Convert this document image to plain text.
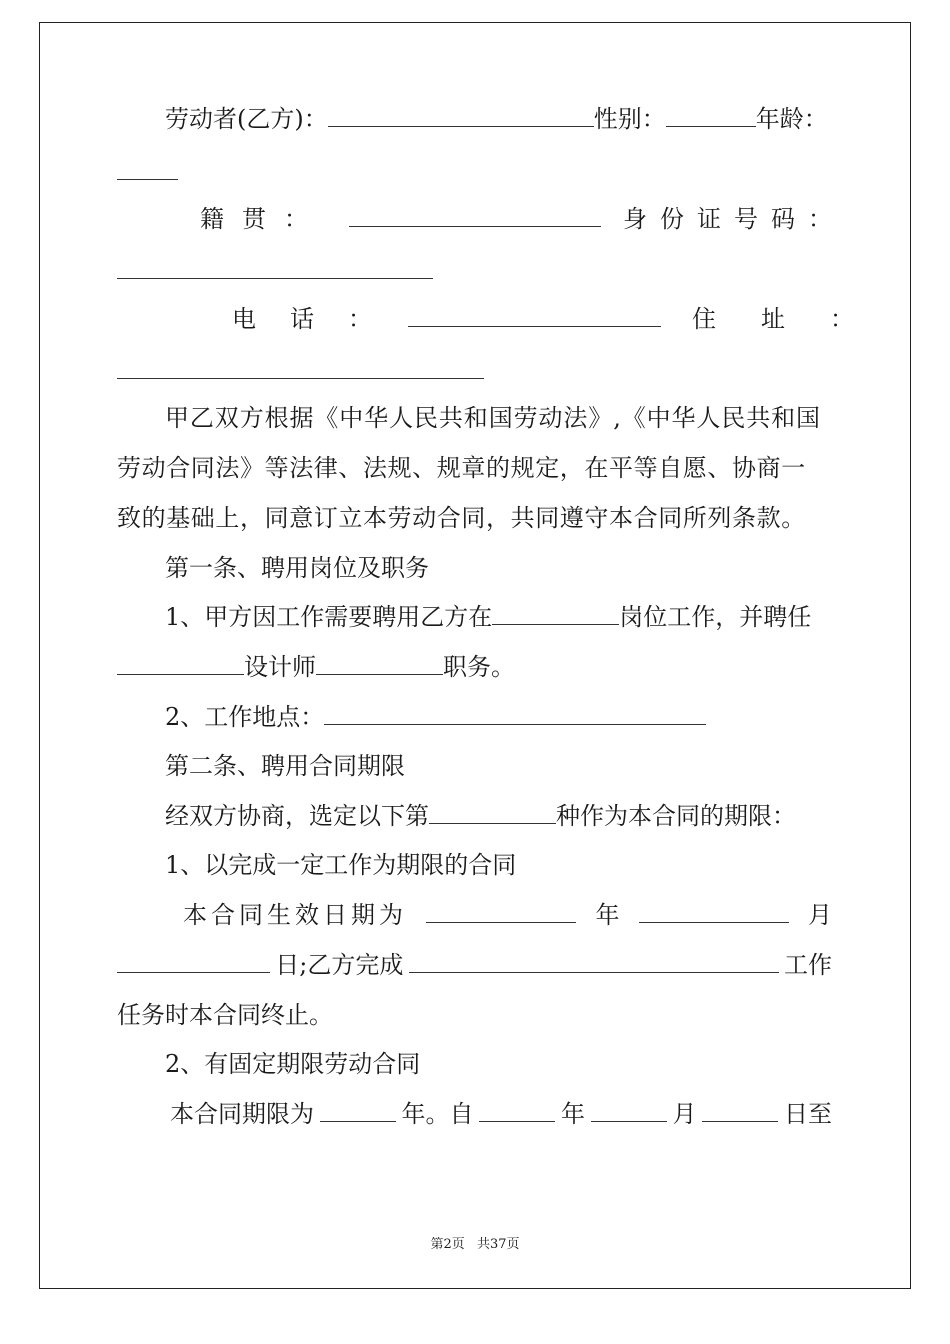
劳动者(乙方)：	性别：	年龄：
籍贯：	身份证号码：
电话：	住址：
甲乙双方根据《中华人民共和国劳动法》,《中华人民共和国
劳动合同法》等法律、法规、规章的规定，在平等自愿、协商一
致的基础上，同意订立本劳动合同，共同遵守本合同所列条款。
第一条、聘用岗位及职务
1、甲方因工作需要聘用乙方在	岗位工作，并聘任
设计师	职务。
2、工作地点：
第二条、聘用合同期限
经双方协商，选定以下第	种作为本合同的期限：
1、以完成一定工作为期限的合同
本合同生效日期为	年	月
日;乙方完成	工作
任务时本合同终止。
2、有固定期限劳动合同
本合同期限为	年。自	年	月	日至
第2页 共37页
